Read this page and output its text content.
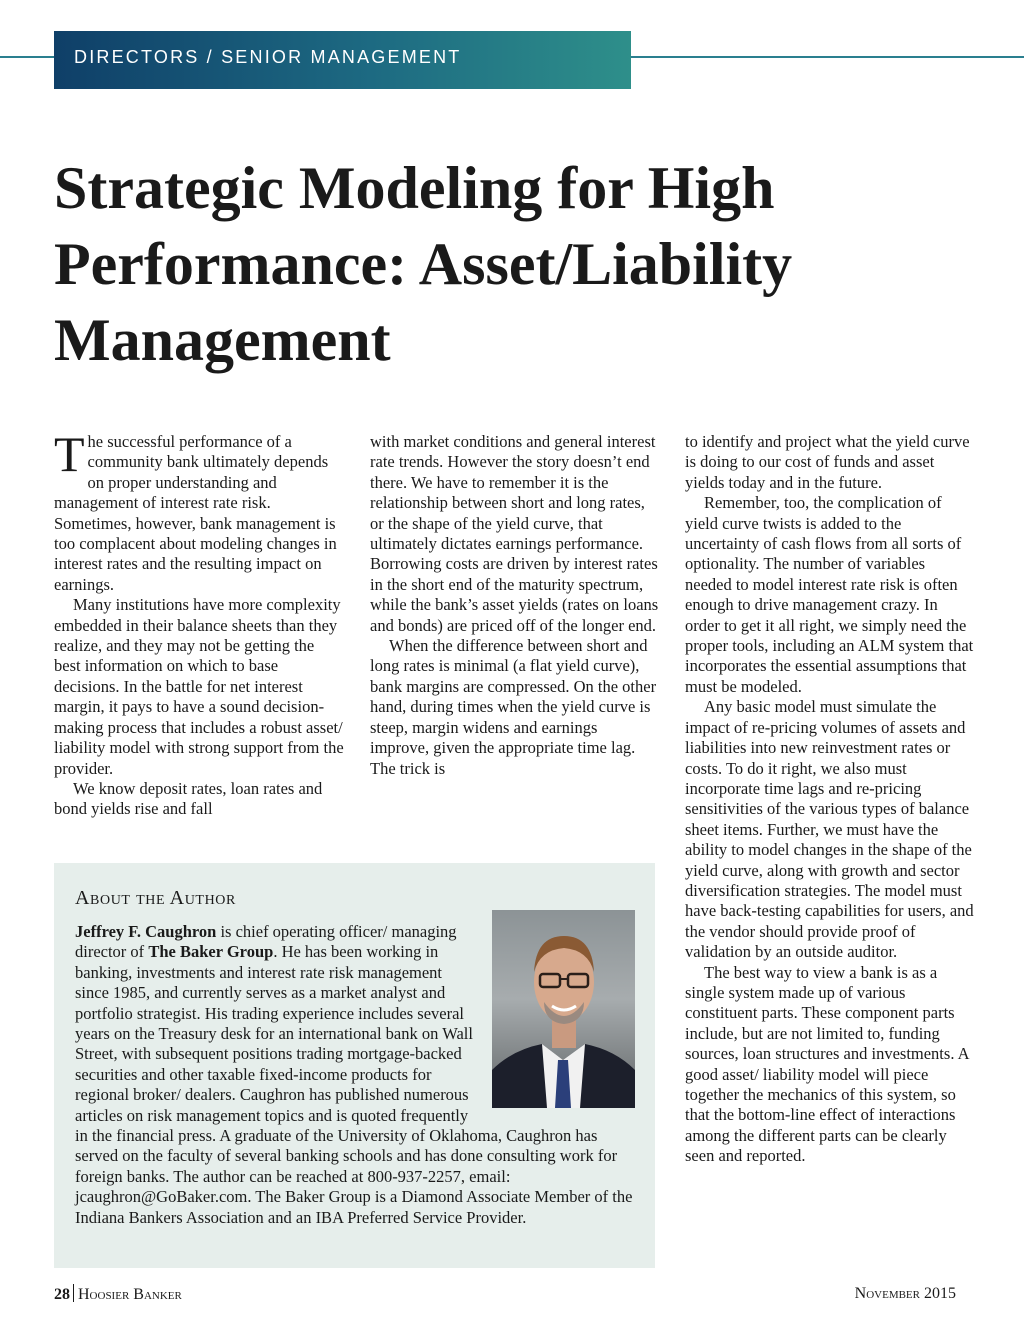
DIRECTORS / SENIOR MANAGEMENT
Strategic Modeling for High Performance: Asset/Liability Management

The successful performance of a community bank ultimately depends on proper understanding and management of interest rate risk. Sometimes, however, bank management is too complacent about modeling changes in interest rates and the resulting impact on earnings.

Many institutions have more complexity embedded in their balance sheets than they realize, and they may not be getting the best information on which to base decisions. In the battle for net interest margin, it pays to have a sound decision-making process that includes a robust asset/ liability model with strong support from the provider.

We know deposit rates, loan rates and bond yields rise and fall

with market conditions and general interest rate trends. However the story doesn’t end there. We have to remember it is the relationship between short and long rates, or the shape of the yield curve, that ultimately dictates earnings performance. Borrowing costs are driven by interest rates in the short end of the maturity spectrum, while the bank’s asset yields (rates on loans and bonds) are priced off of the longer end.

When the difference between short and long rates is minimal (a flat yield curve), bank margins are compressed. On the other hand, during times when the yield curve is steep, margin widens and earnings improve, given the appropriate time lag. The trick is

to identify and project what the yield curve is doing to our cost of funds and asset yields today and in the future.

Remember, too, the complication of yield curve twists is added to the uncertainty of cash flows from all sorts of optionality. The number of variables needed to model interest rate risk is often enough to drive management crazy. In order to get it all right, we simply need the proper tools, including an ALM system that incorporates the essential assumptions that must be modeled.

Any basic model must simulate the impact of re-pricing volumes of assets and liabilities into new reinvestment rates or costs. To do it right, we also must incorporate time lags and re-pricing sensitivities of the various types of balance sheet items. Further, we must have the ability to model changes in the shape of the yield curve, along with growth and sector diversification strategies. The model must have back-testing capabilities for users, and the vendor should provide proof of validation by an outside auditor.

The best way to view a bank is as a single system made up of various constituent parts. These component parts include, but are not limited to, funding sources, loan structures and investments. A good asset/ liability model will piece together the mechanics of this system, so that the bottom-line effect of interactions among the different parts can be clearly seen and reported.

About the Author

Jeffrey F. Caughron is chief operating officer/ managing director of The Baker Group. He has been working in banking, investments and interest rate risk management since 1985, and currently serves as a market analyst and portfolio strategist. His trading experience includes several years on the Treasury desk for an international bank on Wall Street, with subsequent positions trading mortgage-backed securities and other taxable fixed-income products for regional broker/ dealers. Caughron has published numerous articles on risk management topics and is quoted frequently in the financial press. A graduate of the University of Oklahoma, Caughron has served on the faculty of several banking schools and has done consulting work for foreign banks. The author can be reached at 800-937-2257, email: jcaughron@GoBaker.com. The Baker Group is a Diamond Associate Member of the Indiana Bankers Association and an IBA Preferred Service Provider.

28 Hoosier Banker	November 2015
